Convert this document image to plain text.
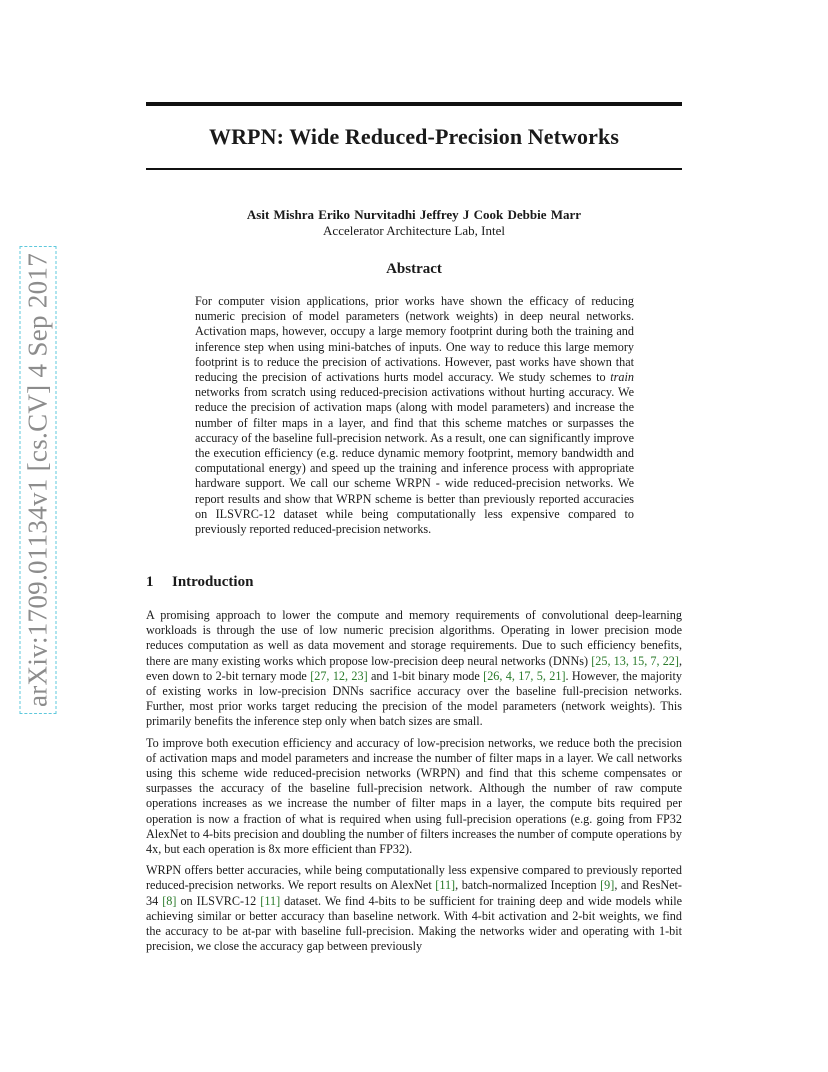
arXiv:1709.01134v1 [cs.CV] 4 Sep 2017
WRPN: Wide Reduced-Precision Networks
Asit Mishra Eriko Nurvitadhi Jeffrey J Cook Debbie Marr
Accelerator Architecture Lab, Intel
Abstract
For computer vision applications, prior works have shown the efficacy of reducing numeric precision of model parameters (network weights) in deep neural networks. Activation maps, however, occupy a large memory footprint during both the training and inference step when using mini-batches of inputs. One way to reduce this large memory footprint is to reduce the precision of activations. However, past works have shown that reducing the precision of activations hurts model accuracy. We study schemes to train networks from scratch using reduced-precision activations without hurting accuracy. We reduce the precision of activation maps (along with model parameters) and increase the number of filter maps in a layer, and find that this scheme matches or surpasses the accuracy of the baseline full-precision network. As a result, one can significantly improve the execution efficiency (e.g. reduce dynamic memory footprint, memory bandwidth and computational energy) and speed up the training and inference process with appropriate hardware support. We call our scheme WRPN - wide reduced-precision networks. We report results and show that WRPN scheme is better than previously reported accuracies on ILSVRC-12 dataset while being computationally less expensive compared to previously reported reduced-precision networks.
1 Introduction

A promising approach to lower the compute and memory requirements of convolutional deep-learning workloads is through the use of low numeric precision algorithms. Operating in lower precision mode reduces computation as well as data movement and storage requirements. Due to such efficiency benefits, there are many existing works which propose low-precision deep neural networks (DNNs) [25, 13, 15, 7, 22], even down to 2-bit ternary mode [27, 12, 23] and 1-bit binary mode [26, 4, 17, 5, 21]. However, the majority of existing works in low-precision DNNs sacrifice accuracy over the baseline full-precision networks. Further, most prior works target reducing the precision of the model parameters (network weights). This primarily benefits the inference step only when batch sizes are small.

To improve both execution efficiency and accuracy of low-precision networks, we reduce both the precision of activation maps and model parameters and increase the number of filter maps in a layer. We call networks using this scheme wide reduced-precision networks (WRPN) and find that this scheme compensates or surpasses the accuracy of the baseline full-precision network. Although the number of raw compute operations increases as we increase the number of filter maps in a layer, the compute bits required per operation is now a fraction of what is required when using full-precision operations (e.g. going from FP32 AlexNet to 4-bits precision and doubling the number of filters increases the number of compute operations by 4x, but each operation is 8x more efficient than FP32).

WRPN offers better accuracies, while being computationally less expensive compared to previously reported reduced-precision networks. We report results on AlexNet [11], batch-normalized Inception [9], and ResNet-34 [8] on ILSVRC-12 [11] dataset. We find 4-bits to be sufficient for training deep and wide models while achieving similar or better accuracy than baseline network. With 4-bit activation and 2-bit weights, we find the accuracy to be at-par with baseline full-precision. Making the networks wider and operating with 1-bit precision, we close the accuracy gap between previously
